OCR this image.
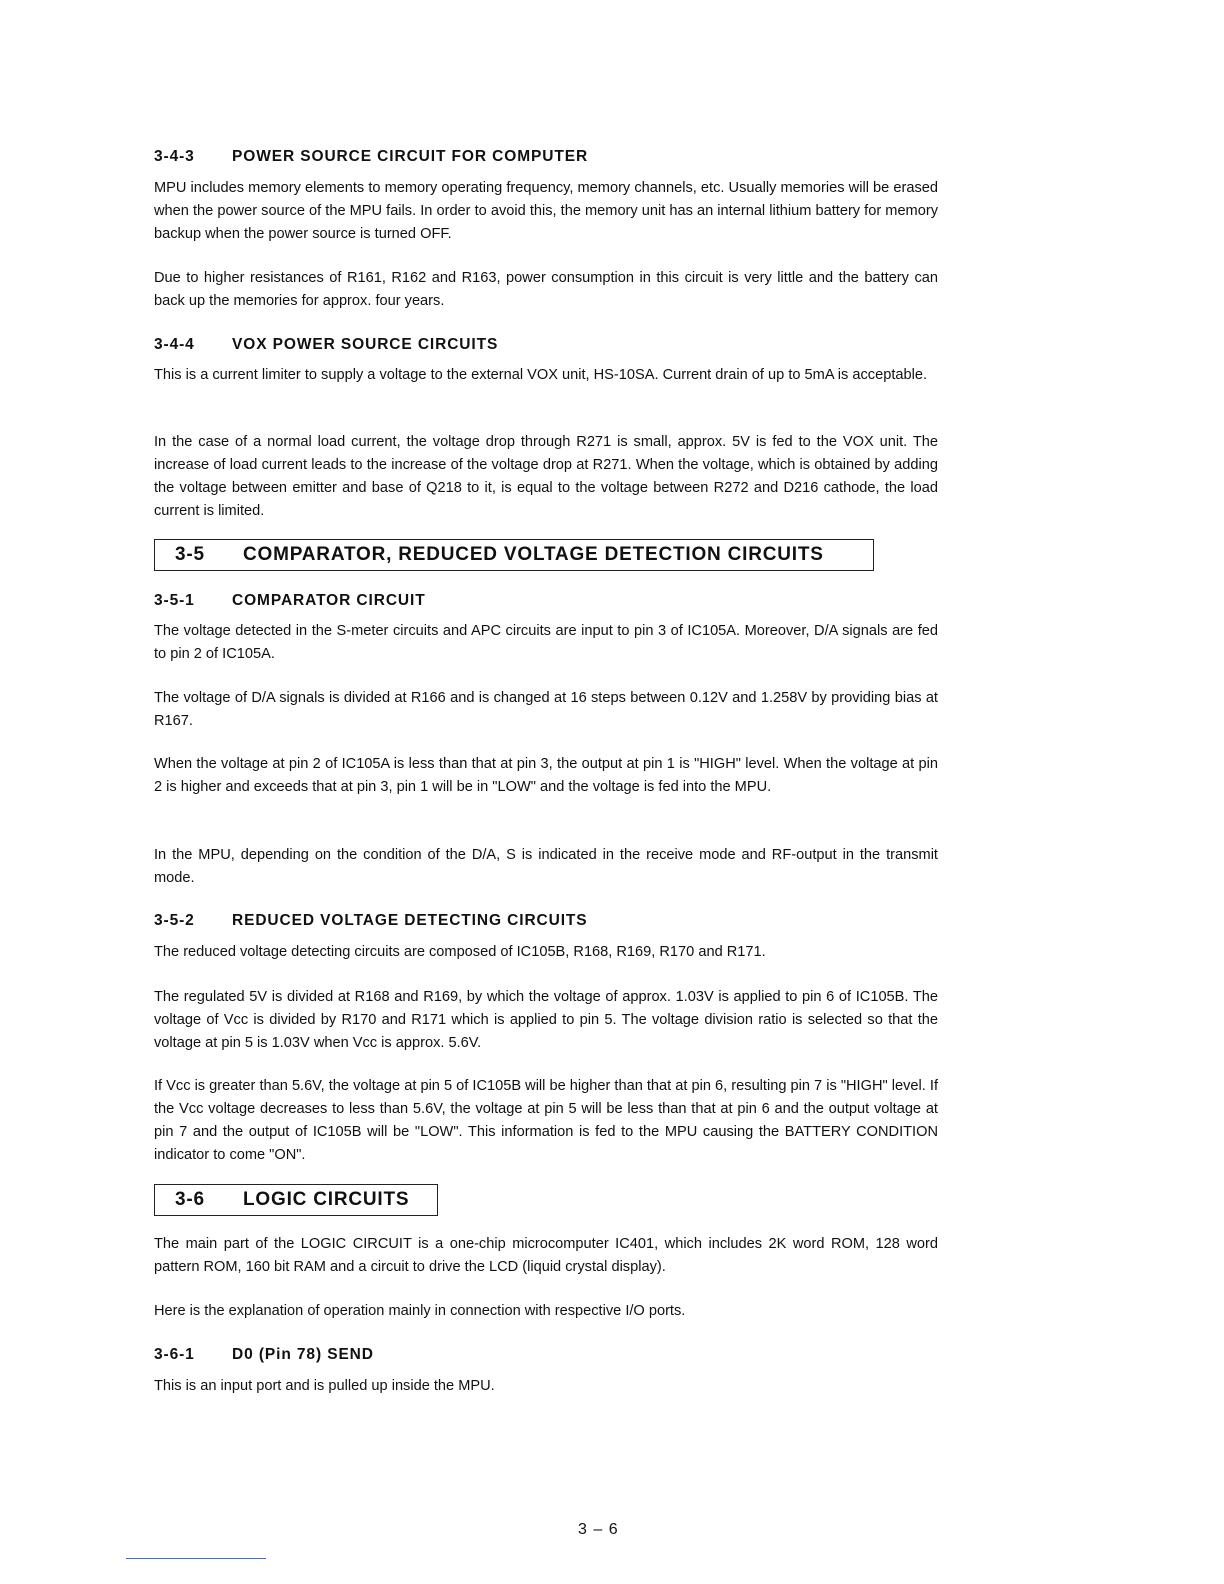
3-4-3 POWER SOURCE CIRCUIT FOR COMPUTER

MPU includes memory elements to memory operating frequency, memory channels, etc. Usually memories will be erased when the power source of the MPU fails. In order to avoid this, the memory unit has an internal lithium battery for memory backup when the power source is turned OFF.

Due to higher resistances of R161, R162 and R163, power consumption in this circuit is very little and the battery can back up the memories for approx. four years.

3-4-4 VOX POWER SOURCE CIRCUITS

This is a current limiter to supply a voltage to the external VOX unit, HS-10SA. Current drain of up to 5mA is acceptable.

In the case of a normal load current, the voltage drop through R271 is small, approx. 5V is fed to the VOX unit. The increase of load current leads to the increase of the voltage drop at R271. When the voltage, which is obtained by adding the voltage between emitter and base of Q218 to it, is equal to the voltage between R272 and D216 cathode, the load current is limited.

3-5 COMPARATOR, REDUCED VOLTAGE DETECTION CIRCUITS
3-5-1 COMPARATOR CIRCUIT

The voltage detected in the S-meter circuits and APC circuits are input to pin 3 of IC105A. Moreover, D/A signals are fed to pin 2 of IC105A.

The voltage of D/A signals is divided at R166 and is changed at 16 steps between 0.12V and 1.258V by providing bias at R167.

When the voltage at pin 2 of IC105A is less than that at pin 3, the output at pin 1 is "HIGH" level. When the voltage at pin 2 is higher and exceeds that at pin 3, pin 1 will be in "LOW" and the voltage is fed into the MPU.

In the MPU, depending on the condition of the D/A, S is indicated in the receive mode and RF-output in the transmit mode.

3-5-2 REDUCED VOLTAGE DETECTING CIRCUITS

The reduced voltage detecting circuits are composed of IC105B, R168, R169, R170 and R171.

The regulated 5V is divided at R168 and R169, by which the voltage of approx. 1.03V is applied to pin 6 of IC105B. The voltage of Vcc is divided by R170 and R171 which is applied to pin 5. The voltage division ratio is selected so that the voltage at pin 5 is 1.03V when Vcc is approx. 5.6V.

If Vcc is greater than 5.6V, the voltage at pin 5 of IC105B will be higher than that at pin 6, resulting pin 7 is "HIGH" level. If the Vcc voltage decreases to less than 5.6V, the voltage at pin 5 will be less than that at pin 6 and the output voltage at pin 7 and the output of IC105B will be "LOW". This information is fed to the MPU causing the BATTERY CONDITION indicator to come "ON".

3-6 LOGIC CIRCUITS

The main part of the LOGIC CIRCUIT is a one-chip microcomputer IC401, which includes 2K word ROM, 128 word pattern ROM, 160 bit RAM and a circuit to drive the LCD (liquid crystal display).

Here is the explanation of operation mainly in connection with respective I/O ports.

3-6-1 D0 (Pin 78) SEND

This is an input port and is pulled up inside the MPU.

3 – 6
